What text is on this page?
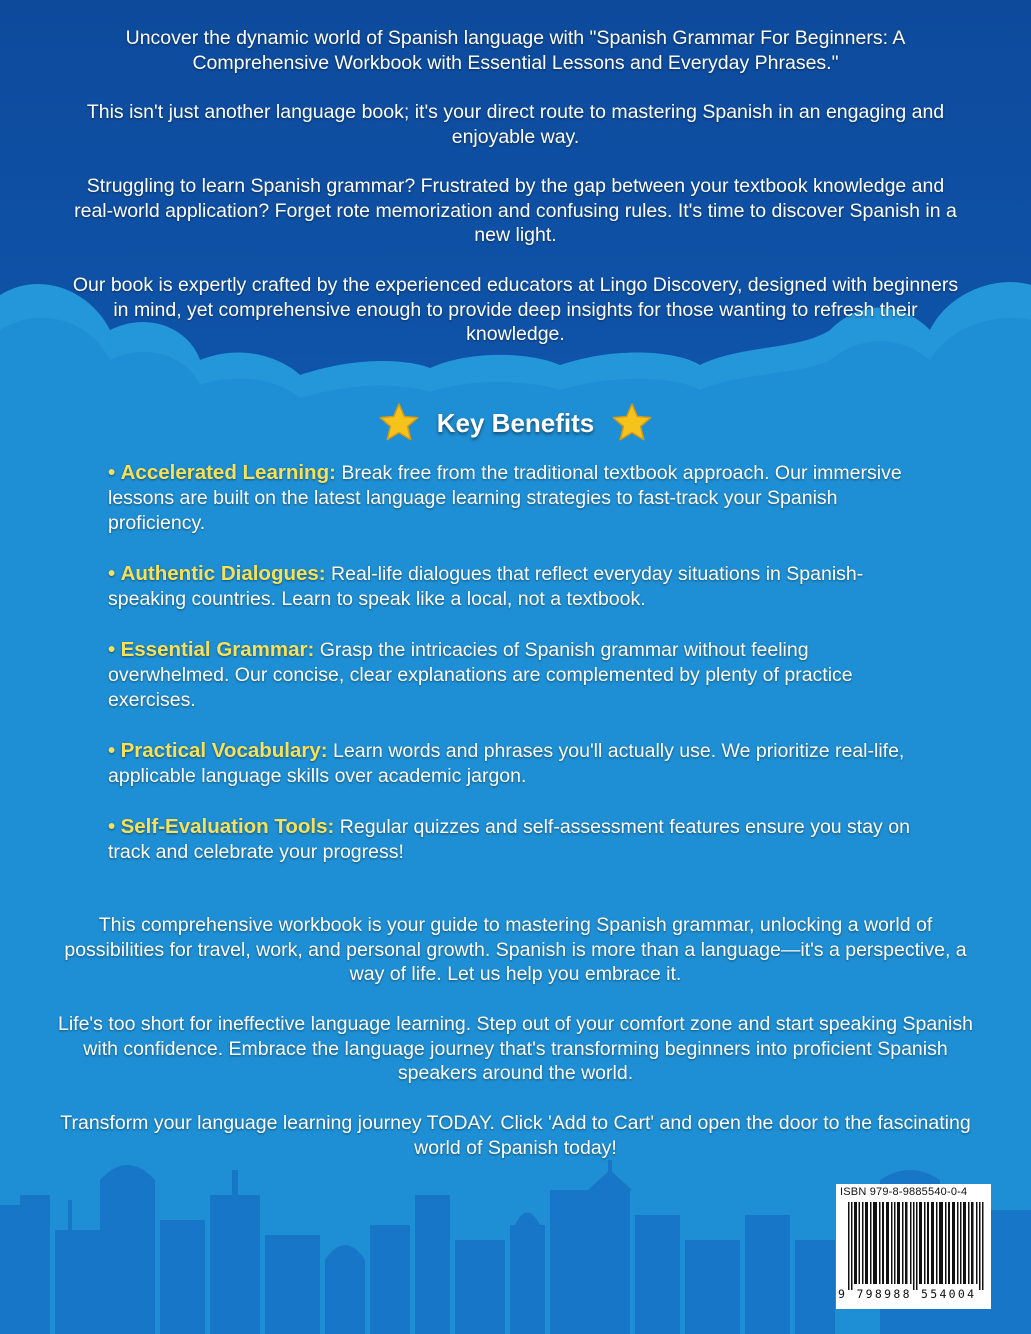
Uncover the dynamic world of Spanish language with "Spanish Grammar For Beginners: A Comprehensive Workbook with Essential Lessons and Everyday Phrases."

This isn't just another language book; it's your direct route to mastering Spanish in an engaging and enjoyable way.

Struggling to learn Spanish grammar? Frustrated by the gap between your textbook knowledge and real-world application? Forget rote memorization and confusing rules. It's time to discover Spanish in a new light.

Our book is expertly crafted by the experienced educators at Lingo Discovery, designed with beginners in mind, yet comprehensive enough to provide deep insights for those wanting to refresh their knowledge.

Key Benefits

• Accelerated Learning: Break free from the traditional textbook approach. Our immersive lessons are built on the latest language learning strategies to fast-track your Spanish proficiency.

• Authentic Dialogues: Real-life dialogues that reflect everyday situations in Spanish-speaking countries. Learn to speak like a local, not a textbook.

• Essential Grammar: Grasp the intricacies of Spanish grammar without feeling overwhelmed. Our concise, clear explanations are complemented by plenty of practice exercises.

• Practical Vocabulary: Learn words and phrases you'll actually use. We prioritize real-life, applicable language skills over academic jargon.

• Self-Evaluation Tools: Regular quizzes and self-assessment features ensure you stay on track and celebrate your progress!

This comprehensive workbook is your guide to mastering Spanish grammar, unlocking a world of possibilities for travel, work, and personal growth. Spanish is more than a language—it's a perspective, a way of life. Let us help you embrace it.

Life's too short for ineffective language learning. Step out of your comfort zone and start speaking Spanish with confidence. Embrace the language journey that's transforming beginners into proficient Spanish speakers around the world.

Transform your language learning journey TODAY. Click 'Add to Cart' and open the door to the fascinating world of Spanish today!

ISBN 979-8-9885540-0-4
9 798988 554004
